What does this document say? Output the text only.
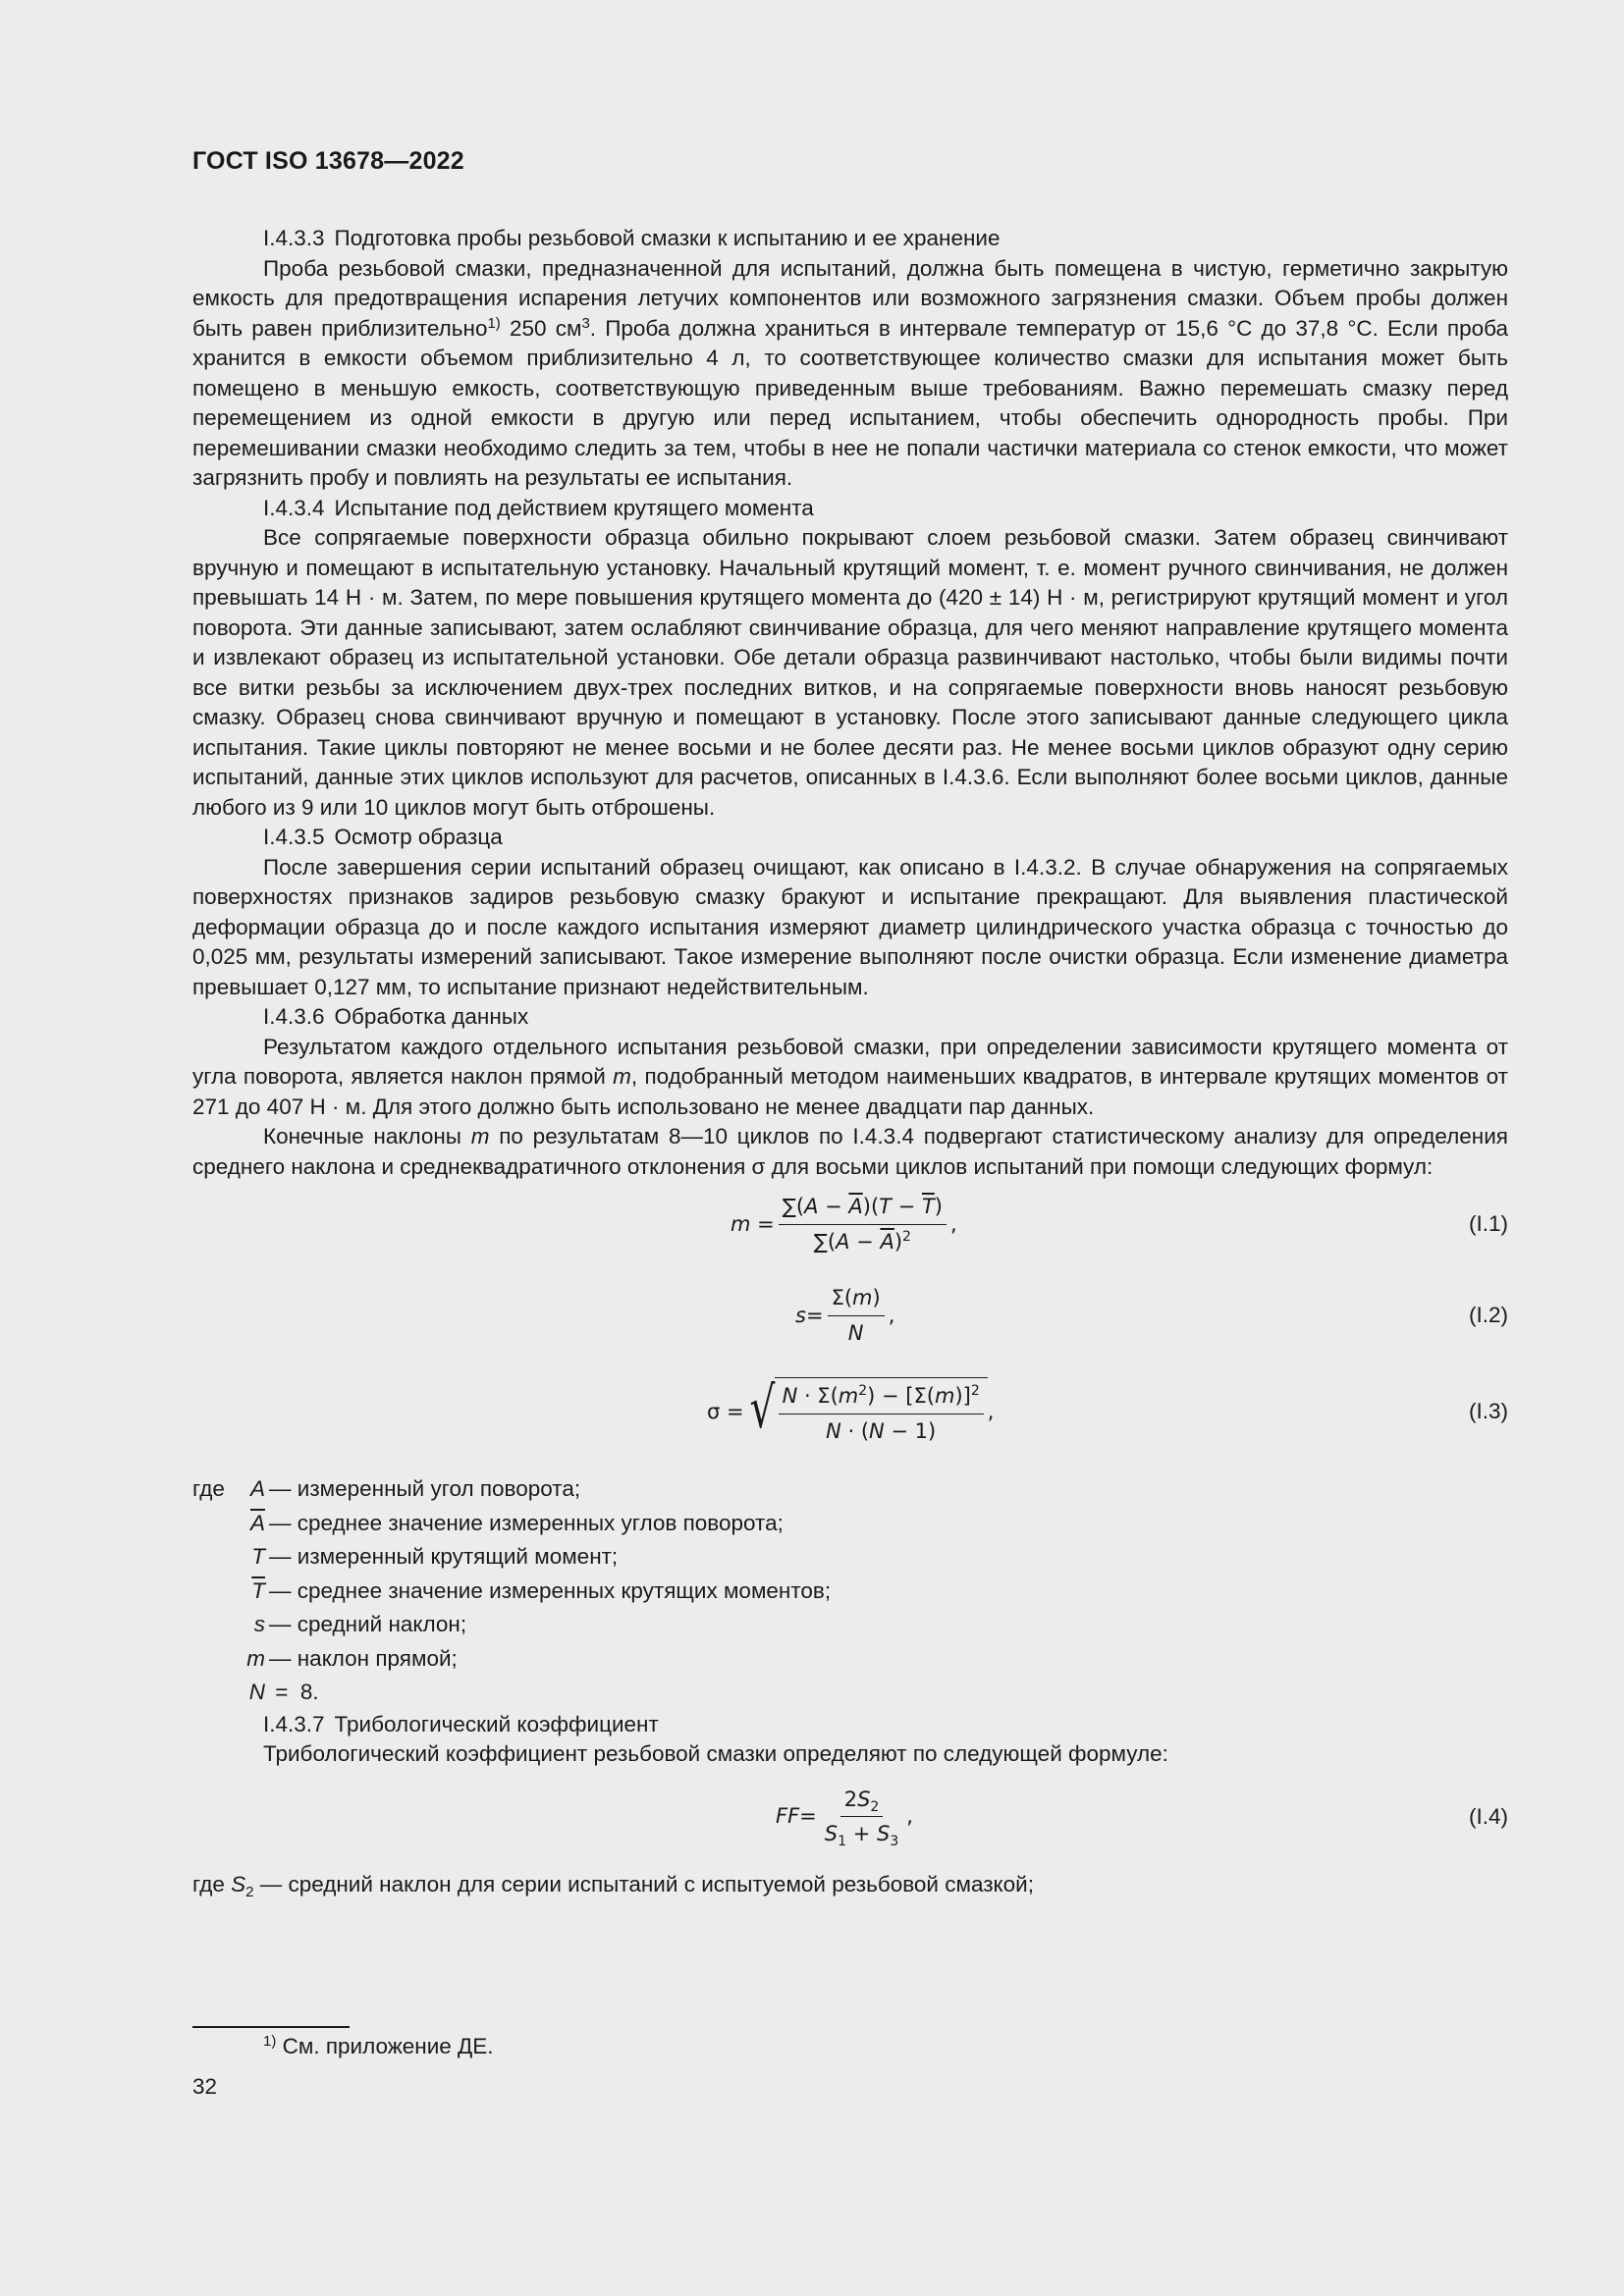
ГОСТ ISO 13678—2022

I.4.3.3 Подготовка пробы резьбовой смазки к испытанию и ее хранение

Проба резьбовой смазки, предназначенной для испытаний, должна быть помещена в чистую, герметично закрытую емкость для предотвращения испарения летучих компонентов или возможного загрязнения смазки. Объем пробы должен быть равен приблизительно$^{1)}$ 250 $см^3$. Проба должна храниться в интервале температур от 15,6 °С до 37,8 °С. Если проба хранится в емкости объемом приблизительно 4 л, то соответствующее количество смазки для испытания может быть помещено в меньшую емкость, соответствующую приведенным выше требованиям. Важно перемешать смазку перед перемещением из одной емкости в другую или перед испытанием, чтобы обеспечить однородность пробы. При перемешивании смазки необходимо следить за тем, чтобы в нее не попали частички материала со стенок емкости, что может загрязнить пробу и повлиять на результаты ее испытания.

I.4.3.4 Испытание под действием крутящего момента

Все сопрягаемые поверхности образца обильно покрывают слоем резьбовой смазки. Затем образец свинчивают вручную и помещают в испытательную установку. Начальный крутящий момент, т. е. момент ручного свинчивания, не должен превышать 14 Н · м. Затем, по мере повышения крутящего момента до (420 ± 14) Н · м, регистрируют крутящий момент и угол поворота. Эти данные записывают, затем ослабляют свинчивание образца, для чего меняют направление крутящего момента и извлекают образец из испытательной установки. Обе детали образца развинчивают настолько, чтобы были видимы почти все витки резьбы за исключением двух-трех последних витков, и на сопрягаемые поверхности вновь наносят резьбовую смазку. Образец снова свинчивают вручную и помещают в установку. После этого записывают данные следующего цикла испытания. Такие циклы повторяют не менее восьми и не более десяти раз. Не менее восьми циклов образуют одну серию испытаний, данные этих циклов используют для расчетов, описанных в I.4.3.6. Если выполняют более восьми циклов, данные любого из 9 или 10 циклов могут быть отброшены.

I.4.3.5 Осмотр образца

После завершения серии испытаний образец очищают, как описано в I.4.3.2. В случае обнаружения на сопрягаемых поверхностях признаков задиров резьбовую смазку бракуют и испытание прекращают. Для выявления пластической деформации образца до и после каждого испытания измеряют диаметр цилиндрического участка образца с точностью до 0,025 мм, результаты измерений записывают. Такое измерение выполняют после очистки образца. Если изменение диаметра превышает 0,127 мм, то испытание признают недействительным.

I.4.3.6 Обработка данных

Результатом каждого отдельного испытания резьбовой смазки, при определении зависимости крутящего момента от угла поворота, является наклон прямой m, подобранный методом наименьших квадратов, в интервале крутящих моментов от 271 до 407 Н · м. Для этого должно быть использовано не менее двадцати пар данных.

Конечные наклоны m по результатам 8—10 циклов по I.4.3.4 подвергают статистическому анализу для определения среднего наклона и среднеквадратичного отклонения σ для восьми циклов испытаний при помощи следующих формул:

$m = \frac{\sum(A - \overline{A})(T - \overline{T})}{\sum(A - \overline{A})^2}$ ,	(I.1)
$s = \frac{\Sigma(m)}{N}$ ,	(I.2)
σ = √ $\frac{N \cdot \Sigma(m^2) - [\Sigma(m)]^2}{N \cdot (N - 1)}$ ,	(I.3)
где	A — измеренный угол поворота;
$\overline{A}$ — среднее значение измеренных углов поворота;
T — измеренный крутящий момент;
$\overline{T}$ — среднее значение измеренных крутящих моментов;
s — средний наклон;
m — наклон прямой;
N =  8.

I.4.3.7 Трибологический коэффициент

Трибологический коэффициент резьбовой смазки определяют по следующей формуле:

FF = $\frac{2S_2}{S_1 + S_3}$ ,	(I.4)

где $S_2$ — средний наклон для серии испытаний с испытуемой резьбовой смазкой;

$^{1)}$ См. приложение ДЕ.
32
